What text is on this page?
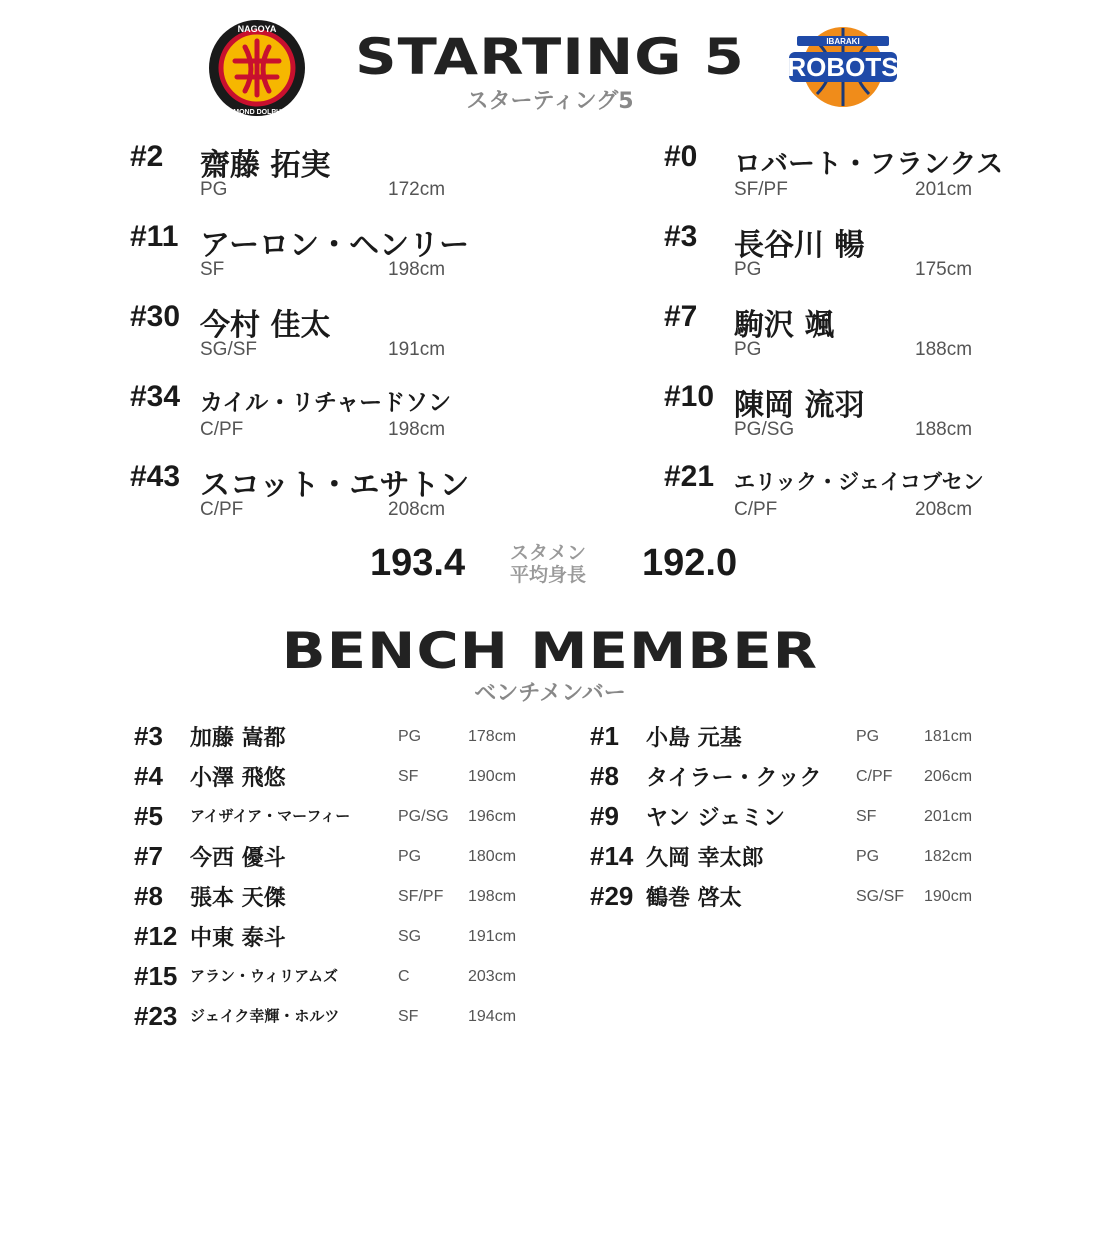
NAGOYA
DIAMOND DOLPHINS
STARTING 5
スターティング5
IBARAKI
ROBOTS
#2 齋藤 拓実
PG	172cm
#11 アーロン・ヘンリー
SF	198cm
#30 今村 佳太
SG/SF	191cm
#34 カイル・リチャードソン
C/PF	198cm
#43 スコット・エサトン
C/PF	208cm
#0 ロバート・フランクス
SF/PF	201cm
#3 長谷川 暢
PG	175cm
#7 駒沢 颯
PG	188cm
#10 陳岡 流羽
PG/SG	188cm
#21 エリック・ジェイコブセン
C/PF	208cm
193.4 スタメン
平均身長	192.0
BENCH MEMBER
ベンチメンバー
#3 加藤 嵩都	PG	178cm
#4 小澤 飛悠	SF	190cm
#5 アイザイア・マーフィー	PG/SG 196cm
#7 今西 優斗	PG	180cm
#8 張本 天傑	SF/PF 198cm
#12 中東 泰斗	SG	191cm
#15 アラン・ウィリアムズ	C	203cm
#23 ジェイク幸輝・ホルツ	SF	194cm
#1 小島 元基	PG	181cm
#8 タイラー・クック C/PF 206cm
#9 ヤン ジェミン	SF	201cm
#14 久岡 幸太郎	PG	182cm
#29 鶴巻 啓太	SG/SF 190cm
